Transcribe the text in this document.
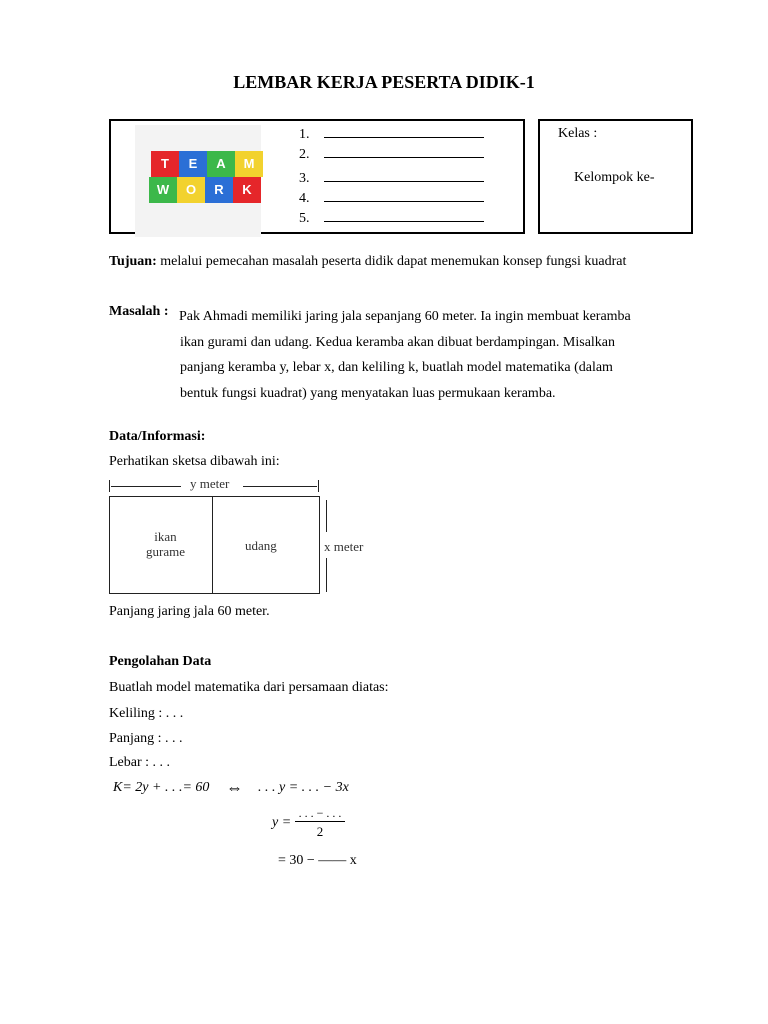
LEMBAR KERJA PESERTA DIDIK-1
T	E	A	M
W	O	R	K
1.
2.
3.
4.
5.
Kelas :
Kelompok ke-
Tujuan: melalui pemecahan masalah peserta didik dapat menemukan konsep fungsi kuadrat
Masalah : Pak Ahmadi memiliki jaring jala sepanjang 60 meter. Ia ingin membuat keramba
ikan gurami dan udang. Kedua keramba akan dibuat berdampingan. Misalkan
panjang keramba y, lebar x, dan keliling k, buatlah model matematika (dalam
bentuk fungsi kuadrat) yang menyatakan luas permukaan keramba.
Data/Informasi:
Perhatikan sketsa dibawah ini:
y meter
ikan
gurame	udang	x meter
Panjang jaring jala 60 meter.
Pengolahan Data
Buatlah model matematika dari persamaan diatas:
Keliling : . . .
Panjang : . . .
Lebar : . . .
K= 2y + . . .= 60 ⇔ . . . y = . . . − 3x
y =
. . . − . . .
2
= 30 − —— x
